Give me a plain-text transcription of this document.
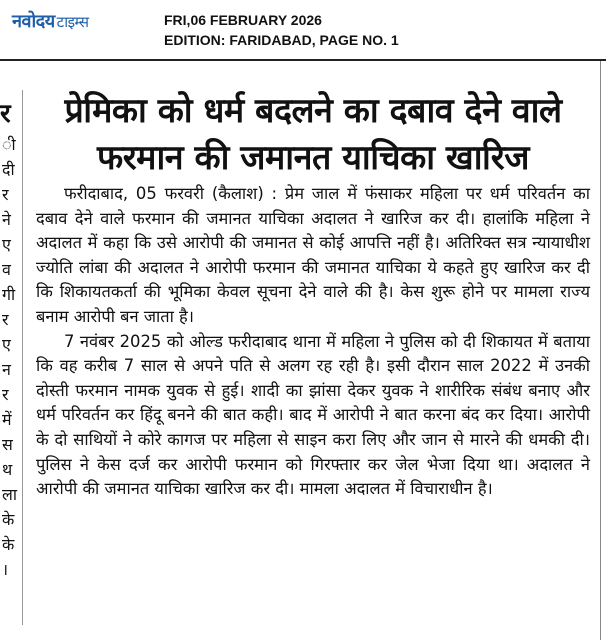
नवोदय टाइम्स	FRI,06 FEBRUARY 2026
EDITION: FARIDABAD, PAGE NO. 1
र
ी
दी
र
ने
ए
व
गी
र
ए
न
र
में
स
थ
ला
के
के
।
प्रेमिका को धर्म बदलने का दबाव देने वाले
फरमान की जमानत याचिका खारिज

फरीदाबाद, 05 फरवरी (कैलाश) : प्रेम जाल में फंसाकर महिला पर धर्म परिवर्तन का दबाव देने वाले फरमान की जमानत याचिका अदालत ने खारिज कर दी। हालांकि महिला ने अदालत में कहा कि उसे आरोपी की जमानत से कोई आपत्ति नहीं है। अतिरिक्त सत्र न्यायाधीश ज्योति लांबा की अदालत ने आरोपी फरमान की जमानत याचिका ये कहते हुए खारिज कर दी कि शिकायतकर्ता की भूमिका केवल सूचना देने वाले की है। केस शुरू होने पर मामला राज्य बनाम आरोपी बन जाता है।

7 नवंबर 2025 को ओल्ड फरीदाबाद थाना में महिला ने पुलिस को दी शिकायत में बताया कि वह करीब 7 साल से अपने पति से अलग रह रही है। इसी दौरान साल 2022 में उनकी दोस्ती फरमान नामक युवक से हुई। शादी का झांसा देकर युवक ने शारीरिक संबंध बनाए और धर्म परिवर्तन कर हिंदू बनने की बात कही। बाद में आरोपी ने बात करना बंद कर दिया। आरोपी के दो साथियों ने कोरे कागज पर महिला से साइन करा लिए और जान से मारने की धमकी दी। पुलिस ने केस दर्ज कर आरोपी फरमान को गिरफ्तार कर जेल भेजा दिया था। अदालत ने आरोपी की जमानत याचिका खारिज कर दी। मामला अदालत में विचाराधीन है।
